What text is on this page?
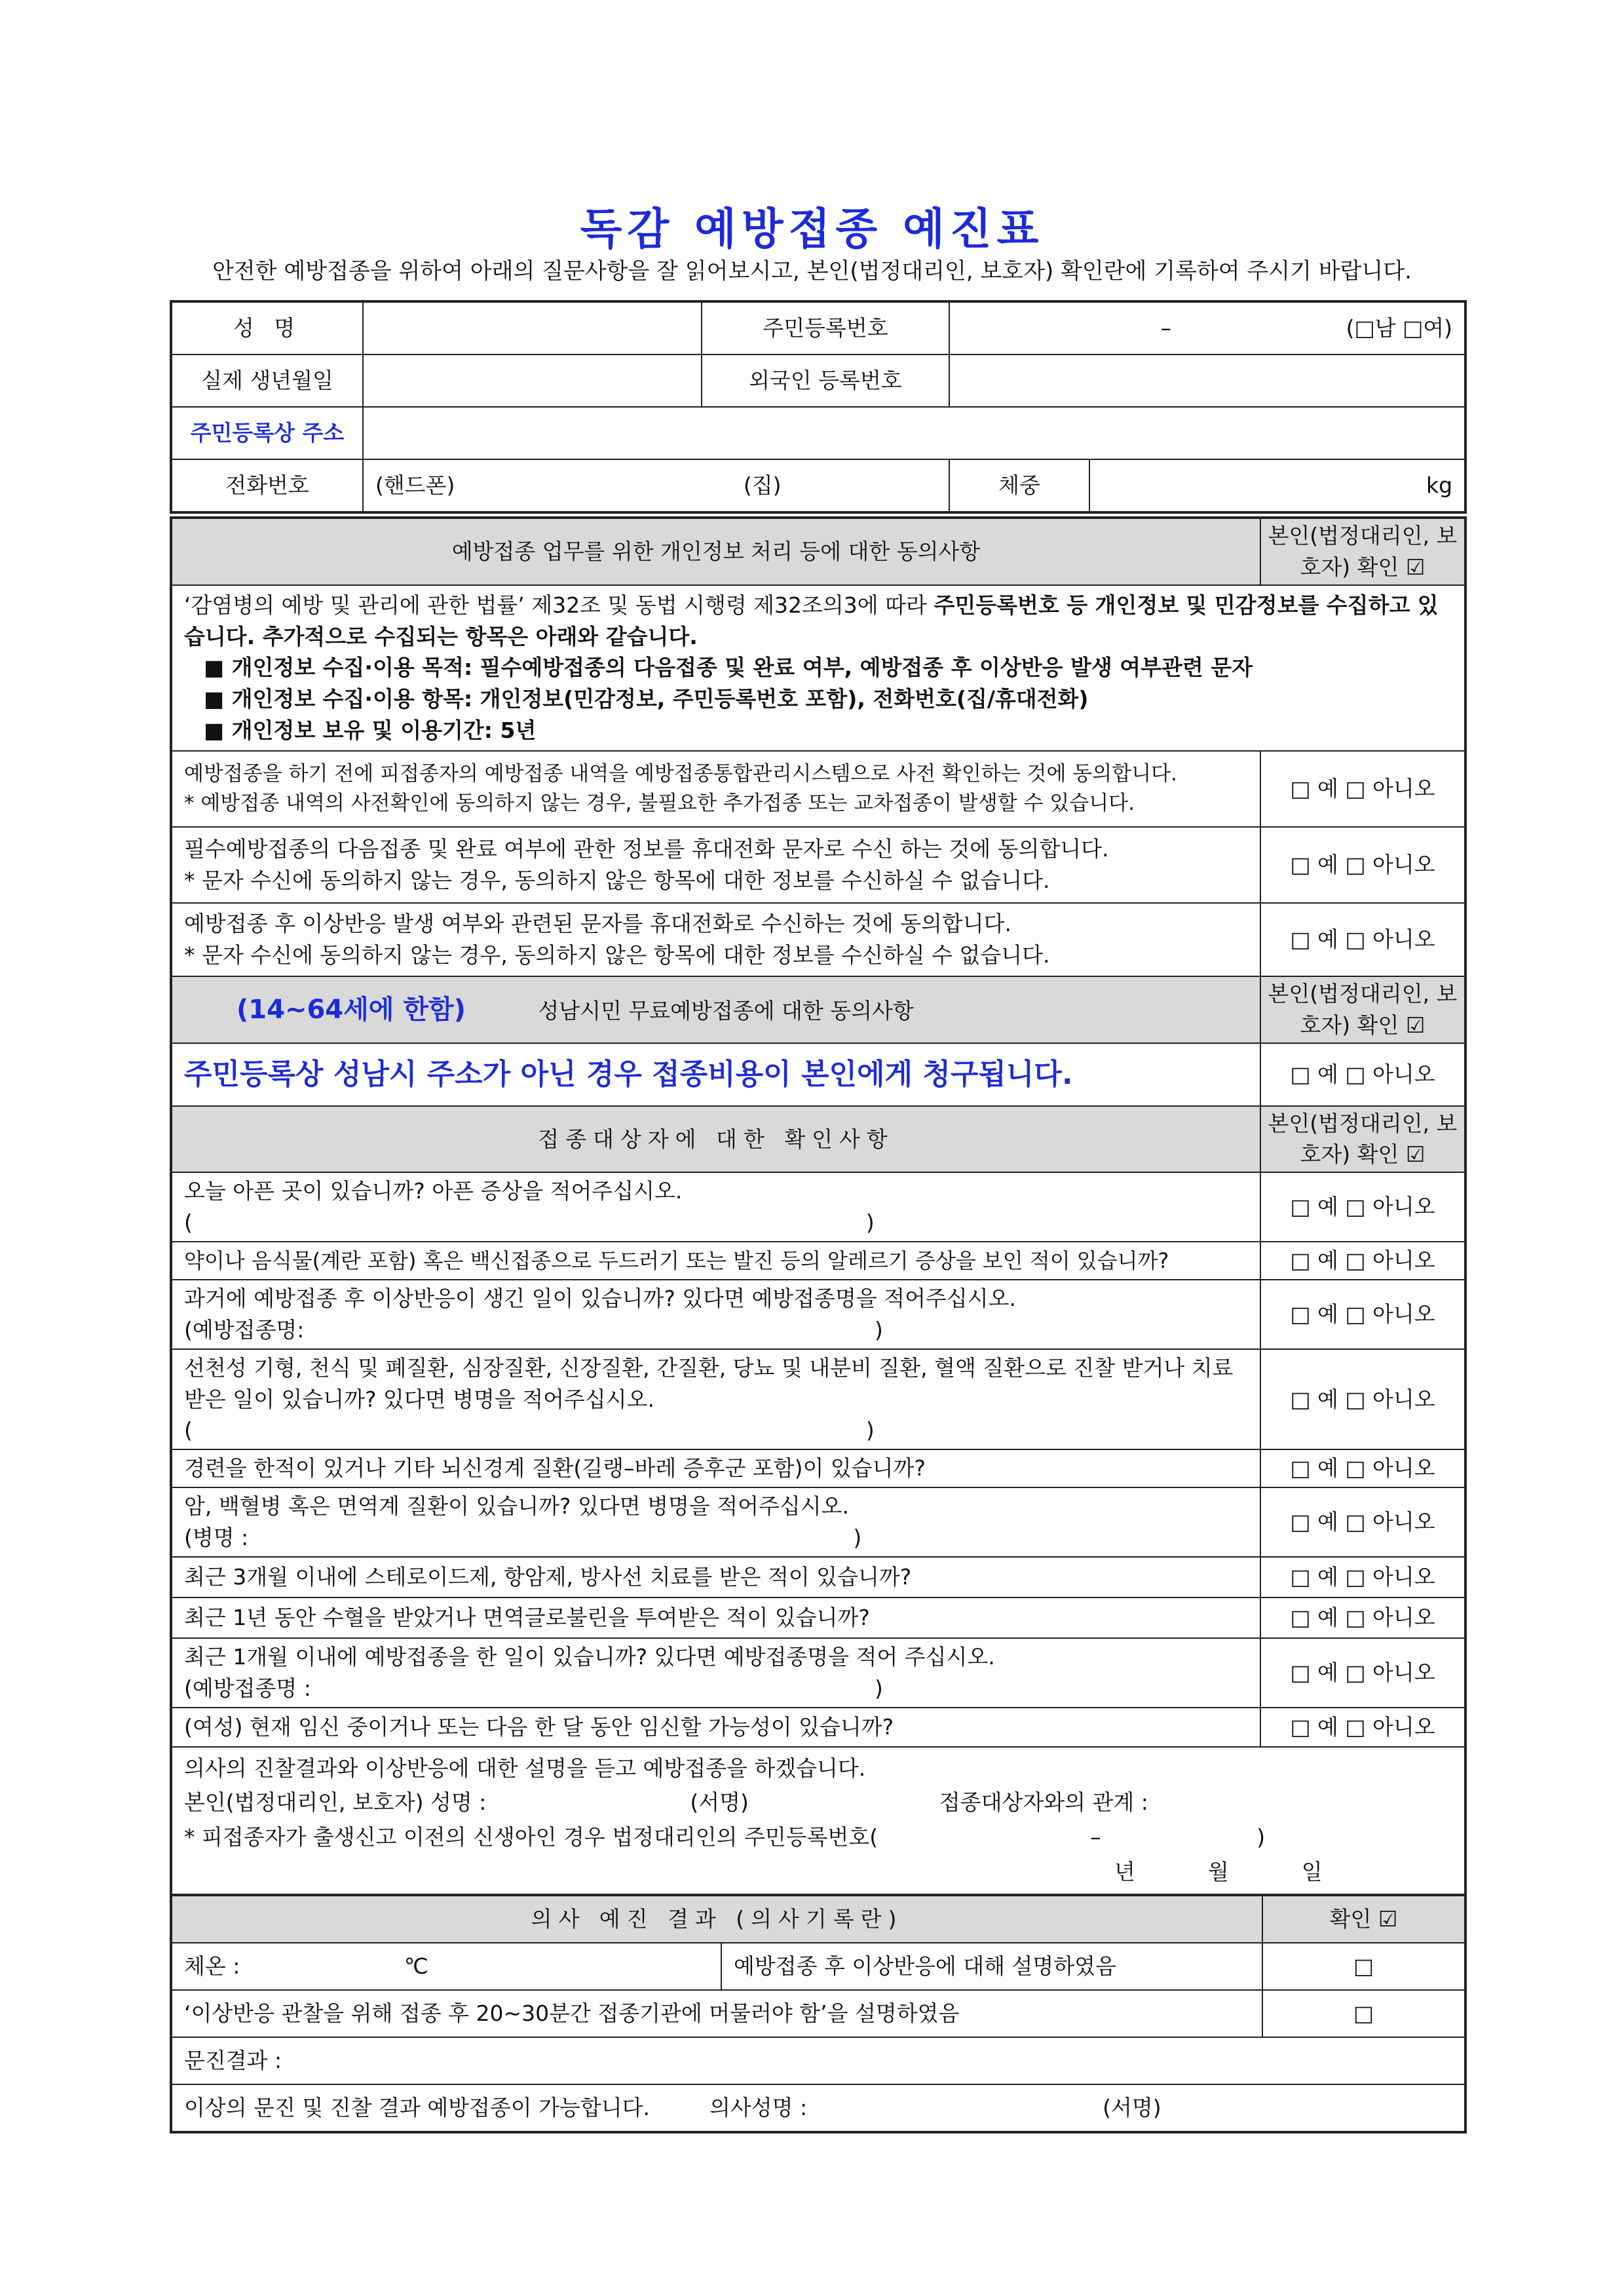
독감 예방접종 예진표
안전한 예방접종을 위하여 아래의 질문사항을 잘 읽어보시고, 본인(법정대리인, 보호자) 확인란에 기록하여 주시기 바랍니다.
성 명		주민등록번호	– (□남 □여)	

실제 생년월일		외국인 등록번호		
주민등록상 주소				
전화번호	(핸드폰) (집)		체중	kg
예방접종 업무를 위한 개인정보 처리 등에 대한 동의사항	본인(법정대리인, 보호자) 확인 ☑
‘감염병의 예방 및 관리에 관한 법률’ 제32조 및 동법 시행령 제32조의3에 따라 주민등록번호 등 개인정보 및 민감정보를 수집하고 있습니다. 추가적으로 수집되는 항목은 아래와 같습니다.
■ 개인정보 수집·이용 목적: 필수예방접종의 다음접종 및 완료 여부, 예방접종 후 이상반응 발생 여부관련 문자
■ 개인정보 수집·이용 항목: 개인정보(민감정보, 주민등록번호 포함), 전화번호(집/휴대전화)
■ 개인정보 보유 및 이용기간: 5년	

예방접종을 하기 전에 피접종자의 예방접종 내역을 예방접종통합관리시스템으로 사전 확인하는 것에 동의합니다.
* 예방접종 내역의 사전확인에 동의하지 않는 경우, 불필요한 추가접종 또는 교차접종이 발생할 수 있습니다.	□ 예 □ 아니오

필수예방접종의 다음접종 및 완료 여부에 관한 정보를 휴대전화 문자로 수신 하는 것에 동의합니다.
* 문자 수신에 동의하지 않는 경우, 동의하지 않은 항목에 대한 정보를 수신하실 수 없습니다.	□ 예 □ 아니오

예방접종 후 이상반응 발생 여부와 관련된 문자를 휴대전화로 수신하는 것에 동의합니다.
* 문자 수신에 동의하지 않는 경우, 동의하지 않은 항목에 대한 정보를 수신하실 수 없습니다.	□ 예 □ 아니오
(14~64세에 한함) 성남시민 무료예방접종에 대한 동의사항	본인(법정대리인, 보호자) 확인 ☑
주민등록상 성남시 주소가 아닌 경우 접종비용이 본인에게 청구됩니다.	□ 예 □ 아니오
접종대상자에 대한 확인사항	본인(법정대리인, 보호자) 확인 ☑

오늘 아픈 곳이 있습니까? 아픈 증상을 적어주십시오.
(                                                                                                  )	□ 예 □ 아니오
약이나 음식물(계란 포함) 혹은 백신접종으로 두드러기 또는 발진 등의 알레르기 증상을 보인 적이 있습니까?	□ 예 □ 아니오

과거에 예방접종 후 이상반응이 생긴 일이 있습니까? 있다면 예방접종명을 적어주십시오.
(예방접종명:                                                                                   )	□ 예 □ 아니오

선천성 기형, 천식 및 폐질환, 심장질환, 신장질환, 간질환, 당뇨 및 내분비 질환, 혈액 질환으로 진찰 받거나 치료 받은 일이 있습니까? 있다면 병명을 적어주십시오.
(                                                                                                  )	□ 예 □ 아니오
경련을 한적이 있거나 기타 뇌신경계 질환(길랭–바레 증후군 포함)이 있습니까?	□ 예 □ 아니오

암, 백혈병 혹은 면역계 질환이 있습니까? 있다면 병명을 적어주십시오.
(병명 :                                                                                        )	□ 예 □ 아니오
최근 3개월 이내에 스테로이드제, 항암제, 방사선 치료를 받은 적이 있습니까?	□ 예 □ 아니오
최근 1년 동안 수혈을 받았거나 면역글로불린을 투여받은 적이 있습니까?	□ 예 □ 아니오

최근 1개월 이내에 예방접종을 한 일이 있습니까? 있다면 예방접종명을 적어 주십시오.
(예방접종명 :                                                                                  )	□ 예 □ 아니오
(여성) 현재 임신 중이거나 또는 다음 한 달 동안 임신할 가능성이 있습니까?	□ 예 □ 아니오

의사의 진찰결과와 이상반응에 대한 설명을 듣고 예방접종을 하겠습니다.
본인(법정대리인, 보호자) 성명 : (서명) 접종대상자와의 관계 :
* 피접종자가 출생신고 이전의 신생아인 경우 법정대리인의 주민등록번호( – )
년 월 일	
의사 예진 결과 (의사기록란)		확인 ☑
체온 : ℃	예방접종 후 이상반응에 대해 설명하였음	□
‘이상반응 관찰을 위해 접종 후 20~30분간 접종기관에 머물러야 함’을 설명하였음		□
문진결과 :		
이상의 문진 및 진찰 결과 예방접종이 가능합니다. 의사성명 : (서명)		
